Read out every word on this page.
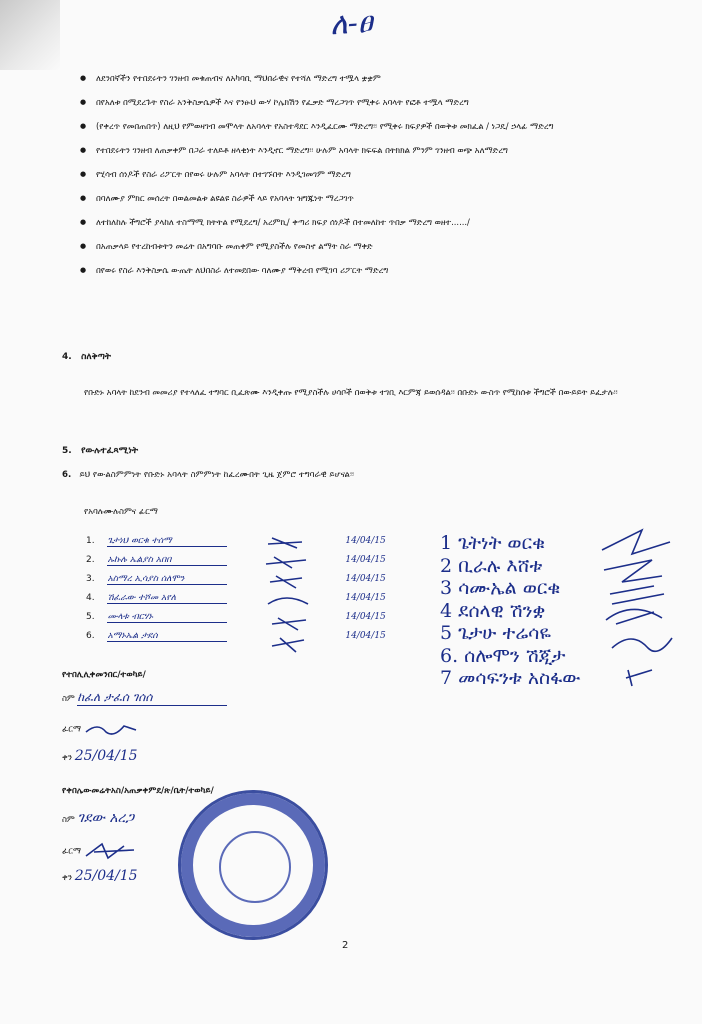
ለ-ፀ
● ለደንበኛችን የተበደሩትን ገንዘብ መቁጠብና ለአካባቢ ማህበራዊና የተሻለ ማድረግ ተሟላ ቋቋም
● በየአለቱ በሚደረጉት የስራ አንቅስቃሴዎች እና የንፁህ ውሃ ኮሌክሽን የፈቃድ ማረጋገጥ የሚቀሩ አባላት የፎቶ ተሟላ ማድረግ
● (የቀረጥ የመበጠበጥ) ለዚህ የምወዛገብ መሞላት ለአባላት የአስተዳደር እንዲፈርሙ ማድረግ፡፡ የሚቀሩ ክፍያዎች በወቅቱ መክፈል / ነጋዴ/ ኃላፊ ማድረግ
● የተበደሩትን ገንዘብ ለጠቃቀም በጋራ ተለይቶ ዘላቂነት እንዲኖር ማድረግ፡፡ ሁሉም አባላት ክፍፍል በትክክል ምንም ገንዘብ ወጭ አለማድረግ
● የሂሳብ ሰነዶች የስራ ሪፖርት በየወሩ ሁሉም አባላት በተገኙበት እንዲገመገም ማድረግ
● በባለሙያ ምክር መሰረት በወልመልቱ ልዩልዩ ስራዎች ላይ የአባላት ዝግጁነት ማረጋገጥ
● ለተከለከሉ ችግሮች ያላከለ ተስማሚ ክትትል የሚደረግ/ አረምኪ/ ቀጣሪ ክፍያ ሰነዶች በተመለከተ ጥበቃ ማድረግ ወዘተ....../
● በአጠቃላይ የተረከብቱትን መሬት በአግባቡ መጠቀም የሚያስችሉ የመስኖ ልማት ስራ ማቀድ
● በየወሩ የስራ እንቅስቃሴ ውጤት ለህበስራ ለተመደበው ባለሙያ ማቅረብ የሚገባ ሪፖርት ማድረግ
4. ስለቅጣት
የቡድኑ አባላት ከደንብ መመሪያ የተላለፈ ተግባር ቢፈጽሙ እንዲቀጡ የሚያስችሉ ሀሳቦች በወቅቱ ተገቢ እርምጃ ይወሰዳል፡፡ በቡድኑ ውስጥ የሚከሰቱ ችግሮች በውይይት ይፈታሉ፡፡
5. የውሉተፈጻሚነት
6. ይህ የውልስምምነት የቡድኑ አባላት ስምምነት ከፈረሙበት ጊዜ ጀምሮ ተግባራዊ ይሆናል፡፡
የአባሉሙሉስምና ፊርማ
1. ጌታነህ ወርቁ ተሰማ	14/04/15
2. ኡኩሉ ኤልያስ አበበ	14/04/15
3. አስማረ ኢሳያስ ሰለሞን	14/04/15
4. ሽፈራው ተሾመ አየለ	14/04/15
5. ሙላቱ ብርሃኑ	14/04/15
6. አማኑኤል ታደሰ	14/04/15
1 ጌትነት ወርቁ
2 ቢራሉ እሸቱ
3 ሳሙኤል ወርቁ
4 ደሰላዊ ሽንቋ
5 ጌታሁ ተሬሳዬ
6. ሰሎሞን ሽጂታ
7 መሳፍንቱ አስፋው
የተበሊሊቀመንበር/ተወካይ/
ስም ከፈለ ታፈሰ ገሰሰ
ፊርማ
ቀን 25/04/15
የቀበሌውመሬትአስ/አጠቃቀምደ/ጽ/ቤት/ተወካይ/
ስም ገደው አረጋ
ፊርማ
ቀን 25/04/15
2
